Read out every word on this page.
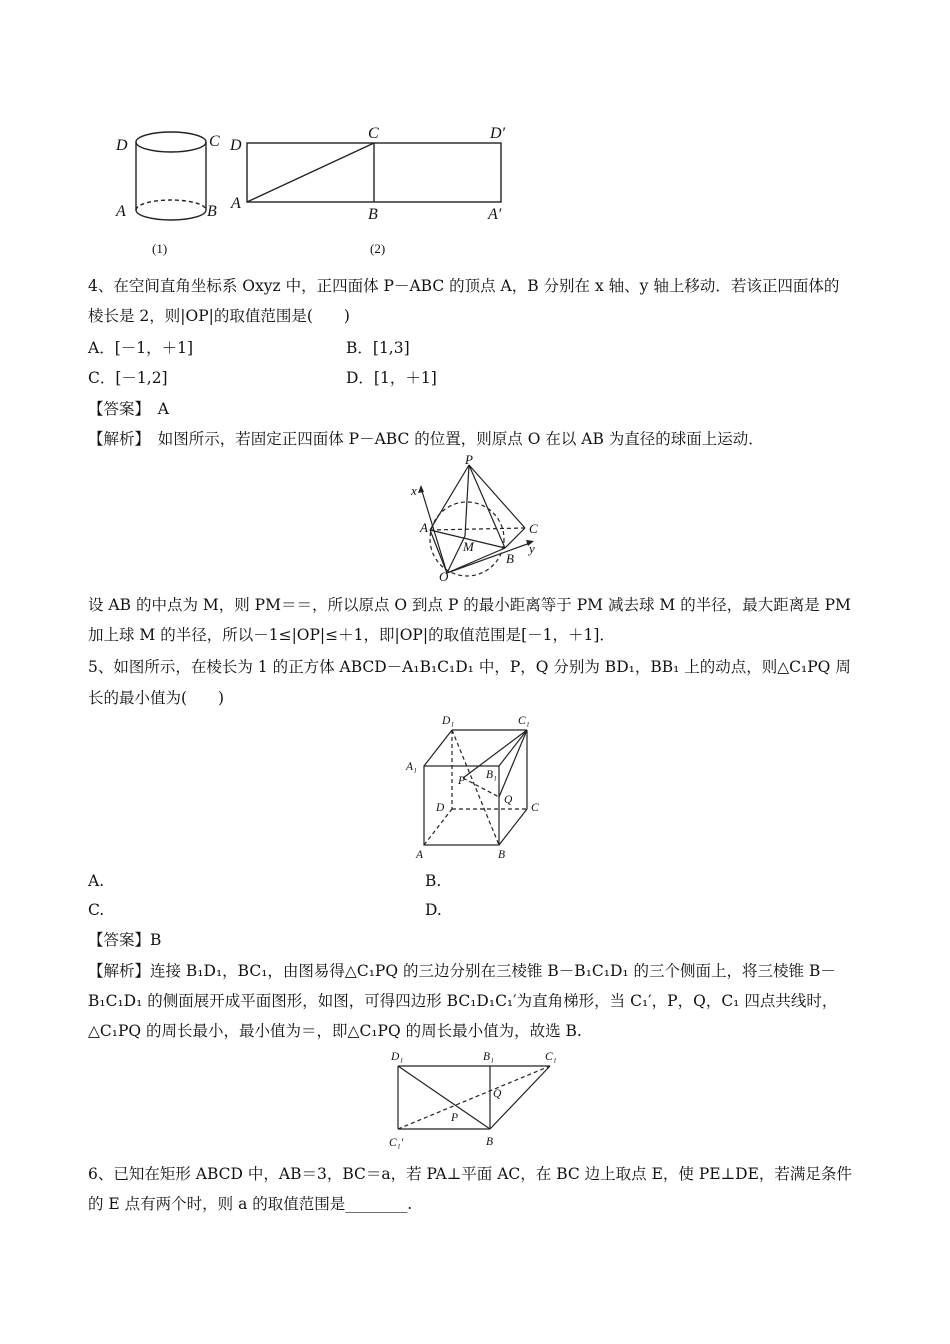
D	C
A	B
D
C	D′
A
B	A′
(1)	(2)
4、在空间直角坐标系 Oxyz 中，正四面体 P－ABC 的顶点 A，B 分别在 x 轴、y 轴上移动．若该正四面体的
棱长是 2，则|OP|的取值范围是(　　)
A．[－1，＋1]	B．[1,3]
C．[－1,2]	D．[1，＋1]
【答案】　A
【解析】　如图所示，若固定正四面体 P－ABC 的位置，则原点 O 在以 AB 为直径的球面上运动．
P
x
A	C
M
B
y
O
设 AB 的中点为 M，则 PM＝＝，所以原点 O 到点 P 的最小距离等于 PM 减去球 M 的半径，最大距离是 PM
加上球 M 的半径，所以－1≤|OP|≤＋1，即|OP|的取值范围是[－1，＋1]．
5、如图所示，在棱长为 1 的正方体 ABCD－A₁B₁C₁D₁ 中，P，Q 分别为 BD₁，BB₁ 上的动点，则△C₁PQ 周
长的最小值为(　　)
D₁	C₁
A₁
B₁
P
Q
D	C
A	B
A.	B.
C.	D.
【答案】B
【解析】连接 B₁D₁，BC₁，由图易得△C₁PQ 的三边分别在三棱锥 B－B₁C₁D₁ 的三个侧面上，将三棱锥 B－
B₁C₁D₁ 的侧面展开成平面图形，如图，可得四边形 BC₁D₁C₁′为直角梯形，当 C₁′，P，Q，C₁ 四点共线时，
△C₁PQ 的周长最小，最小值为＝，即△C₁PQ 的周长最小值为，故选 B.
D₁	B₁	C₁
Q
P
C₁′	B
6、已知在矩形 ABCD 中，AB＝3，BC＝a，若 PA⊥平面 AC，在 BC 边上取点 E，使 PE⊥DE，若满足条件
的 E 点有两个时，则 a 的取值范围是________.
